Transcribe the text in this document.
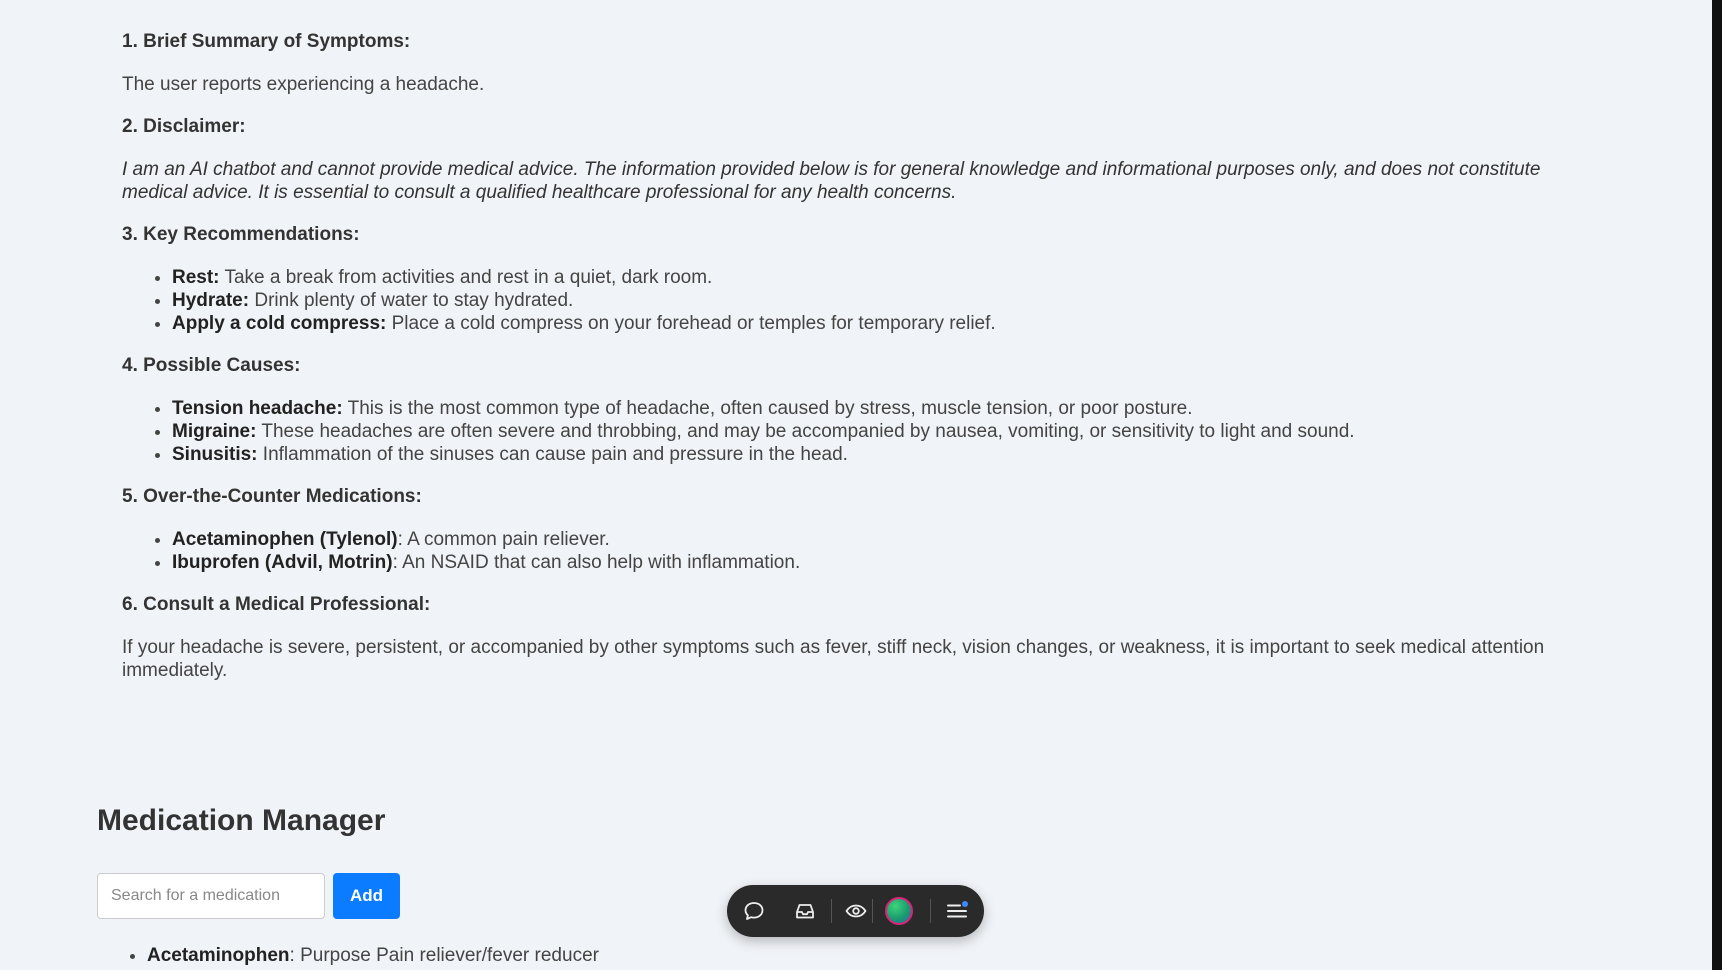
1. Brief Summary of Symptoms:

The user reports experiencing a headache.

2. Disclaimer:

I am an AI chatbot and cannot provide medical advice. The information provided below is for general knowledge and informational purposes only, and does not constitute medical advice. It is essential to consult a qualified healthcare professional for any health concerns.

3. Key Recommendations:
• Rest: Take a break from activities and rest in a quiet, dark room.
• Hydrate: Drink plenty of water to stay hydrated.
• Apply a cold compress: Place a cold compress on your forehead or temples for temporary relief.
4. Possible Causes:
• Tension headache: This is the most common type of headache, often caused by stress, muscle tension, or poor posture.
• Migraine: These headaches are often severe and throbbing, and may be accompanied by nausea, vomiting, or sensitivity to light and sound.
• Sinusitis: Inflammation of the sinuses can cause pain and pressure in the head.
5. Over-the-Counter Medications:
• Acetaminophen (Tylenol): A common pain reliever.
• Ibuprofen (Advil, Motrin): An NSAID that can also help with inflammation.
6. Consult a Medical Professional:

If your headache is severe, persistent, or accompanied by other symptoms such as fever, stiff neck, vision changes, or weakness, it is important to seek medical attention immediately.

Medication Manager
Search for a medication
Add
• Acetaminophen: Purpose Pain reliever/fever reducer
